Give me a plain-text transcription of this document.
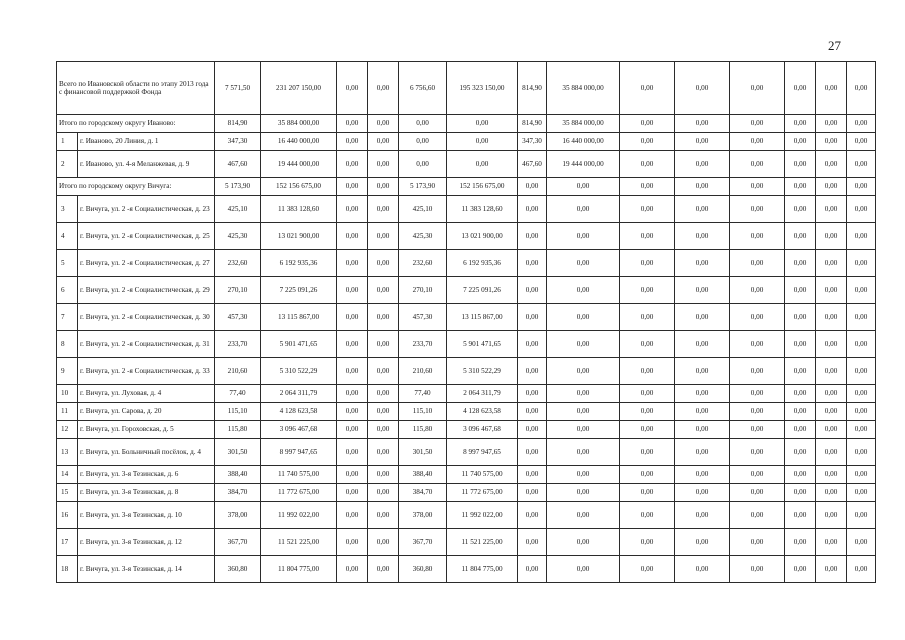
27
Всего по Ивановской области по этапу 2013 года с финансовой поддержкой Фонда		7 571,50	231 207 150,00	0,00	0,00	6 756,60	195 323 150,00	814,90	35 884 000,00	0,00	0,00	0,00	0,00	0,00	0,00
Итого по городскому округу Иваново:		814,90	35 884 000,00	0,00	0,00	0,00	0,00	814,90	35 884 000,00	0,00	0,00	0,00	0,00	0,00	0,00
1	г. Иваново, 20 Линия, д. 1	347,30	16 440 000,00	0,00	0,00	0,00	0,00	347,30	16 440 000,00	0,00	0,00	0,00	0,00	0,00	0,00
2	г. Иваново, ул. 4-я Меланжевая, д. 9	467,60	19 444 000,00	0,00	0,00	0,00	0,00	467,60	19 444 000,00	0,00	0,00	0,00	0,00	0,00	0,00
Итого по городскому округу Вичуга:		5 173,90	152 156 675,00	0,00	0,00	5 173,90	152 156 675,00	0,00	0,00	0,00	0,00	0,00	0,00	0,00	0,00
3	г. Вичуга, ул. 2 -я Социалистическая, д. 23	425,10	11 383 128,60	0,00	0,00	425,10	11 383 128,60	0,00	0,00	0,00	0,00	0,00	0,00	0,00	0,00
4	г. Вичуга, ул. 2 -я Социалистическая, д. 25	425,30	13 021 900,00	0,00	0,00	425,30	13 021 900,00	0,00	0,00	0,00	0,00	0,00	0,00	0,00	0,00
5	г. Вичуга, ул. 2 -я Социалистическая, д. 27	232,60	6 192 935,36	0,00	0,00	232,60	6 192 935,36	0,00	0,00	0,00	0,00	0,00	0,00	0,00	0,00
6	г. Вичуга, ул. 2 -я Социалистическая, д. 29	270,10	7 225 091,26	0,00	0,00	270,10	7 225 091,26	0,00	0,00	0,00	0,00	0,00	0,00	0,00	0,00
7	г. Вичуга, ул. 2 -я Социалистическая, д. 30	457,30	13 115 867,00	0,00	0,00	457,30	13 115 867,00	0,00	0,00	0,00	0,00	0,00	0,00	0,00	0,00
8	г. Вичуга, ул. 2 -я Социалистическая, д. 31	233,70	5 901 471,65	0,00	0,00	233,70	5 901 471,65	0,00	0,00	0,00	0,00	0,00	0,00	0,00	0,00
9	г. Вичуга, ул. 2 -я Социалистическая, д. 33	210,60	5 310 522,29	0,00	0,00	210,60	5 310 522,29	0,00	0,00	0,00	0,00	0,00	0,00	0,00	0,00
10	г. Вичуга, ул. Луховая, д. 4	77,40	2 064 311,79	0,00	0,00	77,40	2 064 311,79	0,00	0,00	0,00	0,00	0,00	0,00	0,00	0,00
11	г. Вичуга, ул. Сарова, д. 20	115,10	4 128 623,58	0,00	0,00	115,10	4 128 623,58	0,00	0,00	0,00	0,00	0,00	0,00	0,00	0,00
12	г. Вичуга, ул. Гороховская, д. 5	115,80	3 096 467,68	0,00	0,00	115,80	3 096 467,68	0,00	0,00	0,00	0,00	0,00	0,00	0,00	0,00
13	г. Вичуга, ул. Больничный посёлок, д. 4	301,50	8 997 947,65	0,00	0,00	301,50	8 997 947,65	0,00	0,00	0,00	0,00	0,00	0,00	0,00	0,00
14	г. Вичуга, ул. 3-я Тезинская, д. 6	388,40	11 740 575,00	0,00	0,00	388,40	11 740 575,00	0,00	0,00	0,00	0,00	0,00	0,00	0,00	0,00
15	г. Вичуга, ул. 3-я Тезинская, д. 8	384,70	11 772 675,00	0,00	0,00	384,70	11 772 675,00	0,00	0,00	0,00	0,00	0,00	0,00	0,00	0,00
16	г. Вичуга, ул. 3-я Тезинская, д. 10	378,00	11 992 022,00	0,00	0,00	378,00	11 992 022,00	0,00	0,00	0,00	0,00	0,00	0,00	0,00	0,00
17	г. Вичуга, ул. 3-я Тезинская, д. 12	367,70	11 521 225,00	0,00	0,00	367,70	11 521 225,00	0,00	0,00	0,00	0,00	0,00	0,00	0,00	0,00
18	г. Вичуга, ул. 3-я Тезинская, д. 14	360,80	11 804 775,00	0,00	0,00	360,80	11 804 775,00	0,00	0,00	0,00	0,00	0,00	0,00	0,00	0,00
